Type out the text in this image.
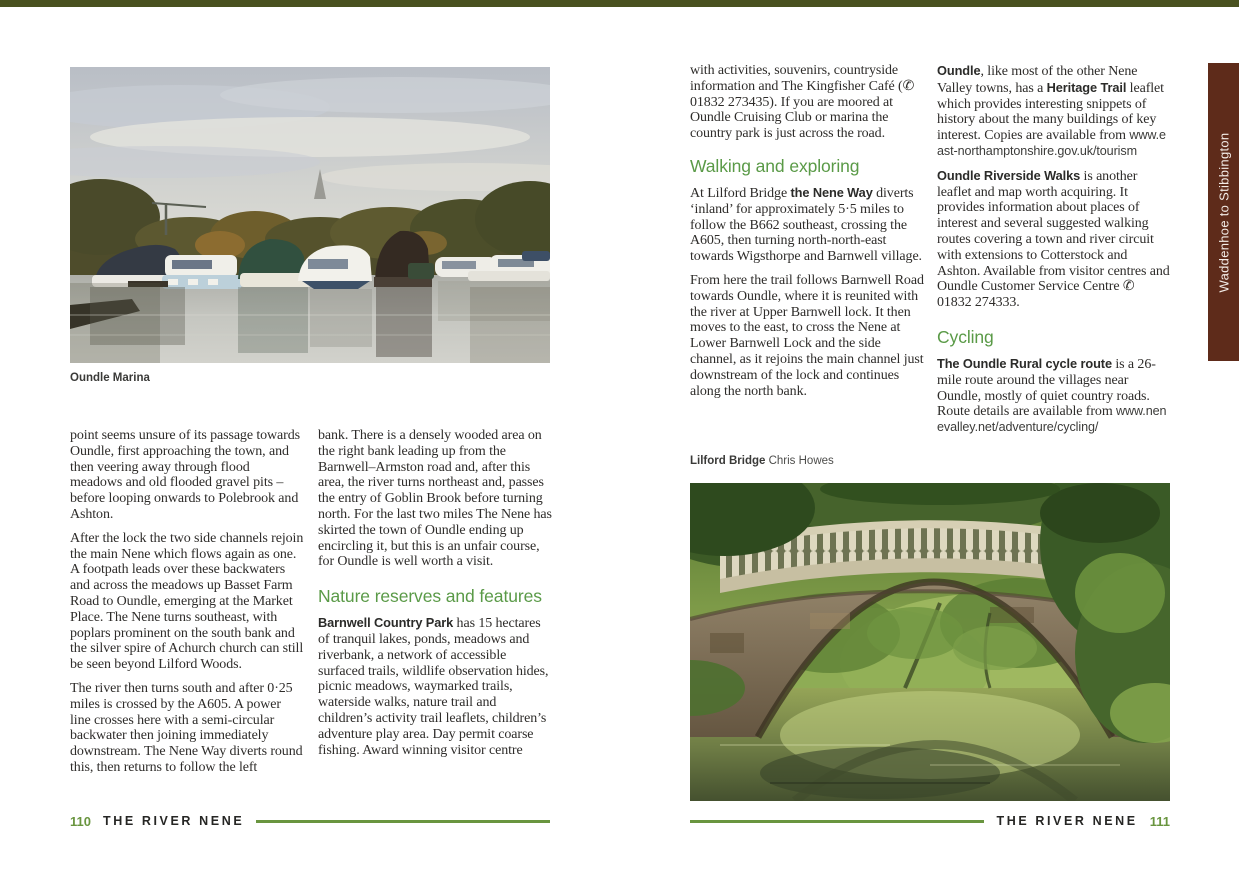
Oundle Marina

point seems unsure of its passage towards Oundle, first approaching the town, and then veering away through flood meadows and old flooded gravel pits – before looping onwards to Polebrook and Ashton.

After the lock the two side channels rejoin the main Nene which flows again as one. A footpath leads over these backwaters and across the meadows up Basset Farm Road to Oundle, emerging at the Market Place. The Nene turns southeast, with poplars prominent on the south bank and the silver spire of Achurch church can still be seen beyond Lilford Woods.

The river then turns south and after 0·25 miles is crossed by the A605. A power line crosses here with a semi-circular backwater then joining immediately downstream. The Nene Way diverts round this, then returns to follow the left

bank. There is a densely wooded area on the right bank leading up from the Barnwell–Armston road and, after this area, the river turns northeast and, passes the entry of Goblin Brook before turning north. For the last two miles The Nene has skirted the town of Oundle ending up encircling it, but this is an unfair course, for Oundle is well worth a visit.

Nature reserves and features

Barnwell Country Park has 15 hectares of tranquil lakes, ponds, meadows and riverbank, a network of accessible surfaced trails, wildlife observation hides, picnic meadows, waymarked trails, waterside walks, nature trail and children’s activity trail leaflets, children’s adventure play area. Day permit coarse fishing. Award winning visitor centre

110 THE RIVER NENE

with activities, souvenirs, countryside information and The Kingfisher Café (✆ 01832 273435). If you are moored at Oundle Cruising Club or marina the country park is just across the road.

Walking and exploring

At Lilford Bridge the Nene Way diverts ‘inland’ for approximately 5·5 miles to follow the B662 southeast, crossing the A605, then turning north-north-east towards Wigsthorpe and Barnwell village.

From here the trail follows Barnwell Road towards Oundle, where it is reunited with the river at Upper Barnwell lock. It then moves to the east, to cross the Nene at Lower Barnwell Lock and the side channel, as it rejoins the main channel just downstream of the lock and continues along the north bank.

Lilford Bridge Chris Howes

Oundle, like most of the other Nene Valley towns, has a Heritage Trail leaflet which provides interesting snippets of history about the many buildings of key interest. Copies are available from www.east-northamptonshire.gov.uk/tourism

Oundle Riverside Walks is another leaflet and map worth acquiring. It provides information about places of interest and several suggested walking routes covering a town and river circuit with extensions to Cotterstock and Ashton. Available from visitor centres and Oundle Customer Service Centre ✆ 01832 274333.

Cycling

The Oundle Rural cycle route is a 26-mile route around the villages near Oundle, mostly of quiet country roads. Route details are available from www.nenevalley.net/adventure/cycling/

THE RIVER NENE 111
Waddenhoe to Stibbington
